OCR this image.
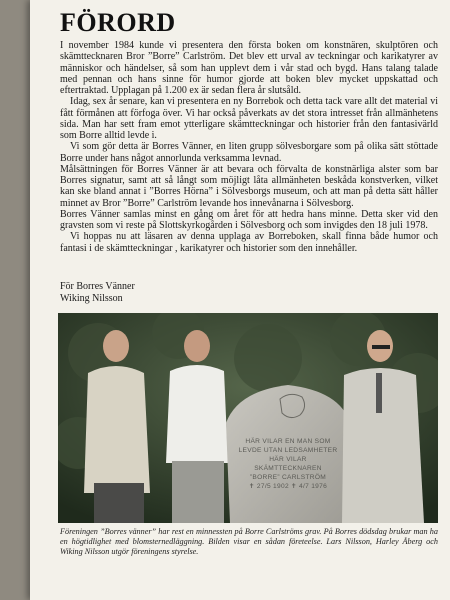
FÖRORD

I november 1984 kunde vi presentera den första boken om konstnären, skulptören och skämttecknaren Bror ”Borre” Carlström. Det blev ett urval av teckningar och karikatyrer av människor och händelser, så som han upplevt dem i vår stad och bygd. Hans talang talade med pennan och hans sinne för humor gjorde att boken blev mycket uppskattad och eftertraktad. Upplagan på 1.200 ex är sedan flera år slutsåld.

Idag, sex år senare, kan vi presentera en ny Borrebok och detta tack vare allt det material vi fått förmånen att förfoga över. Vi har också påverkats av det stora intresset från allmänhetens sida. Man har sett fram emot ytterligare skämtteckningar och historier från den fantasivärld som Borre alltid levde i.

Vi som gör detta är Borres Vänner, en liten grupp sölvesborgare som på olika sätt stöttade Borre under hans något annorlunda verksamma levnad.

Målsättningen för Borres Vänner är att bevara och förvalta de konstnärliga alster som bar Borres signatur, samt att så långt som möjligt låta allmänheten beskåda konstverken, vilket kan ske bland annat i ”Borres Hörna” i Sölvesborgs museum, och att man på detta sätt håller minnet av Bror ”Borre” Carlström levande hos innevånarna i Sölvesborg.

Borres Vänner samlas minst en gång om året för att hedra hans minne. Detta sker vid den gravsten som vi reste på Slottskyrkogården i Sölvesborg och som invigdes den 18 juli 1978.

Vi hoppas nu att läsaren av denna upplaga av Borreboken, skall finna både humor och fantasi i de skämtteckningar , karikatyrer och historier som den innehåller.

För Borres Vänner
Wiking Nilsson
HÄR VILAR EN MAN SOM
LEVDE UTAN LEDSAMHETER
HÄR VILAR
SKÄMTTECKNAREN
”BORRE” CARLSTRÖM
✝ 27/5 1902 ✝ 4/7 1976
Föreningen ”Borres vänner” har rest en minnessten på Borre Carlströms grav. På Borres dödsdag brukar man ha en högtidlighet med blomsternedläggning. Bilden visar en sådan företeelse. Lars Nilsson, Harley Åberg och Wiking Nilsson utgör föreningens styrelse.
